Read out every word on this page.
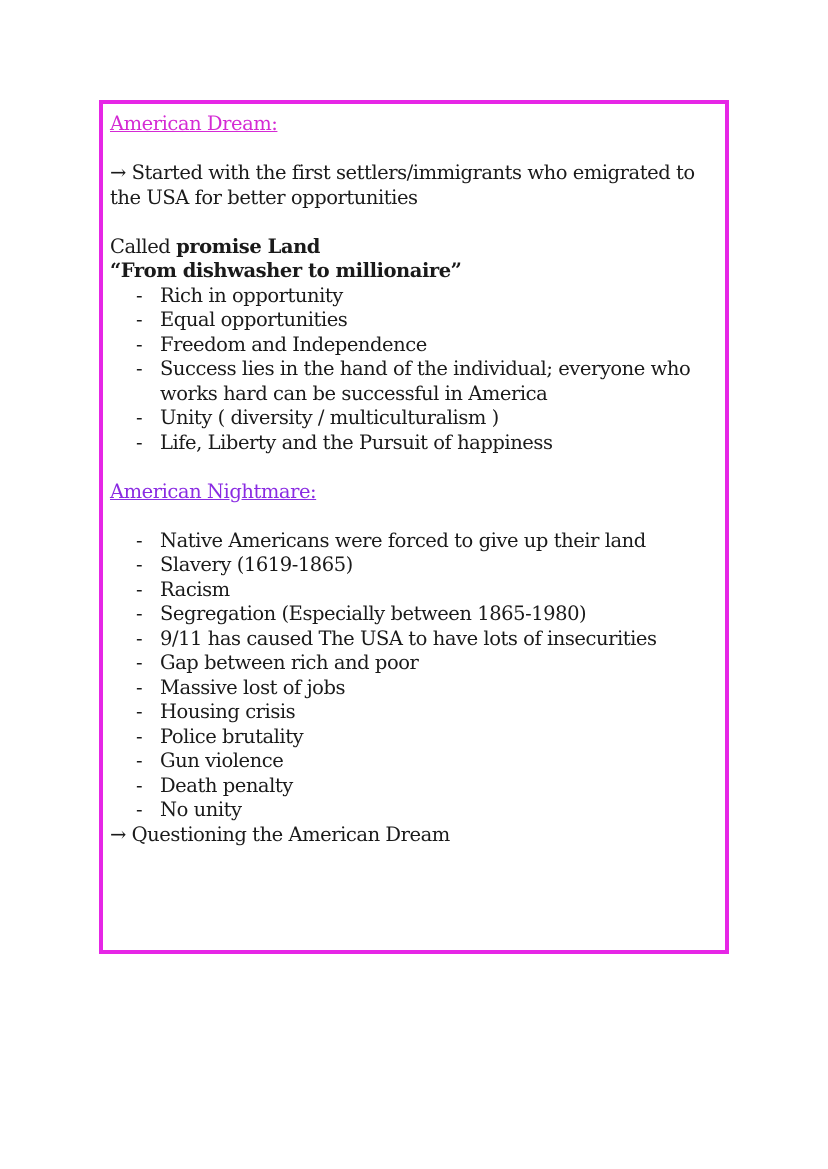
American Dream:

→ Started with the first settlers/immigrants who emigrated to

the USA for better opportunities

Called promise Land

“From dishwasher to millionaire”

- Rich in opportunity
- Equal opportunities
- Freedom and Independence
- Success lies in the hand of the individual; everyone who works hard can be successful in America
- Unity ( diversity / multiculturalism )
- Life, Liberty and the Pursuit of happiness

American Nightmare:

- Native Americans were forced to give up their land
- Slavery (1619-1865)
- Racism
- Segregation (Especially between 1865-1980)
- 9/11 has caused The USA to have lots of insecurities
- Gap between rich and poor
- Massive lost of jobs
- Housing crisis
- Police brutality
- Gun violence
- Death penalty
- No unity

→ Questioning the American Dream
